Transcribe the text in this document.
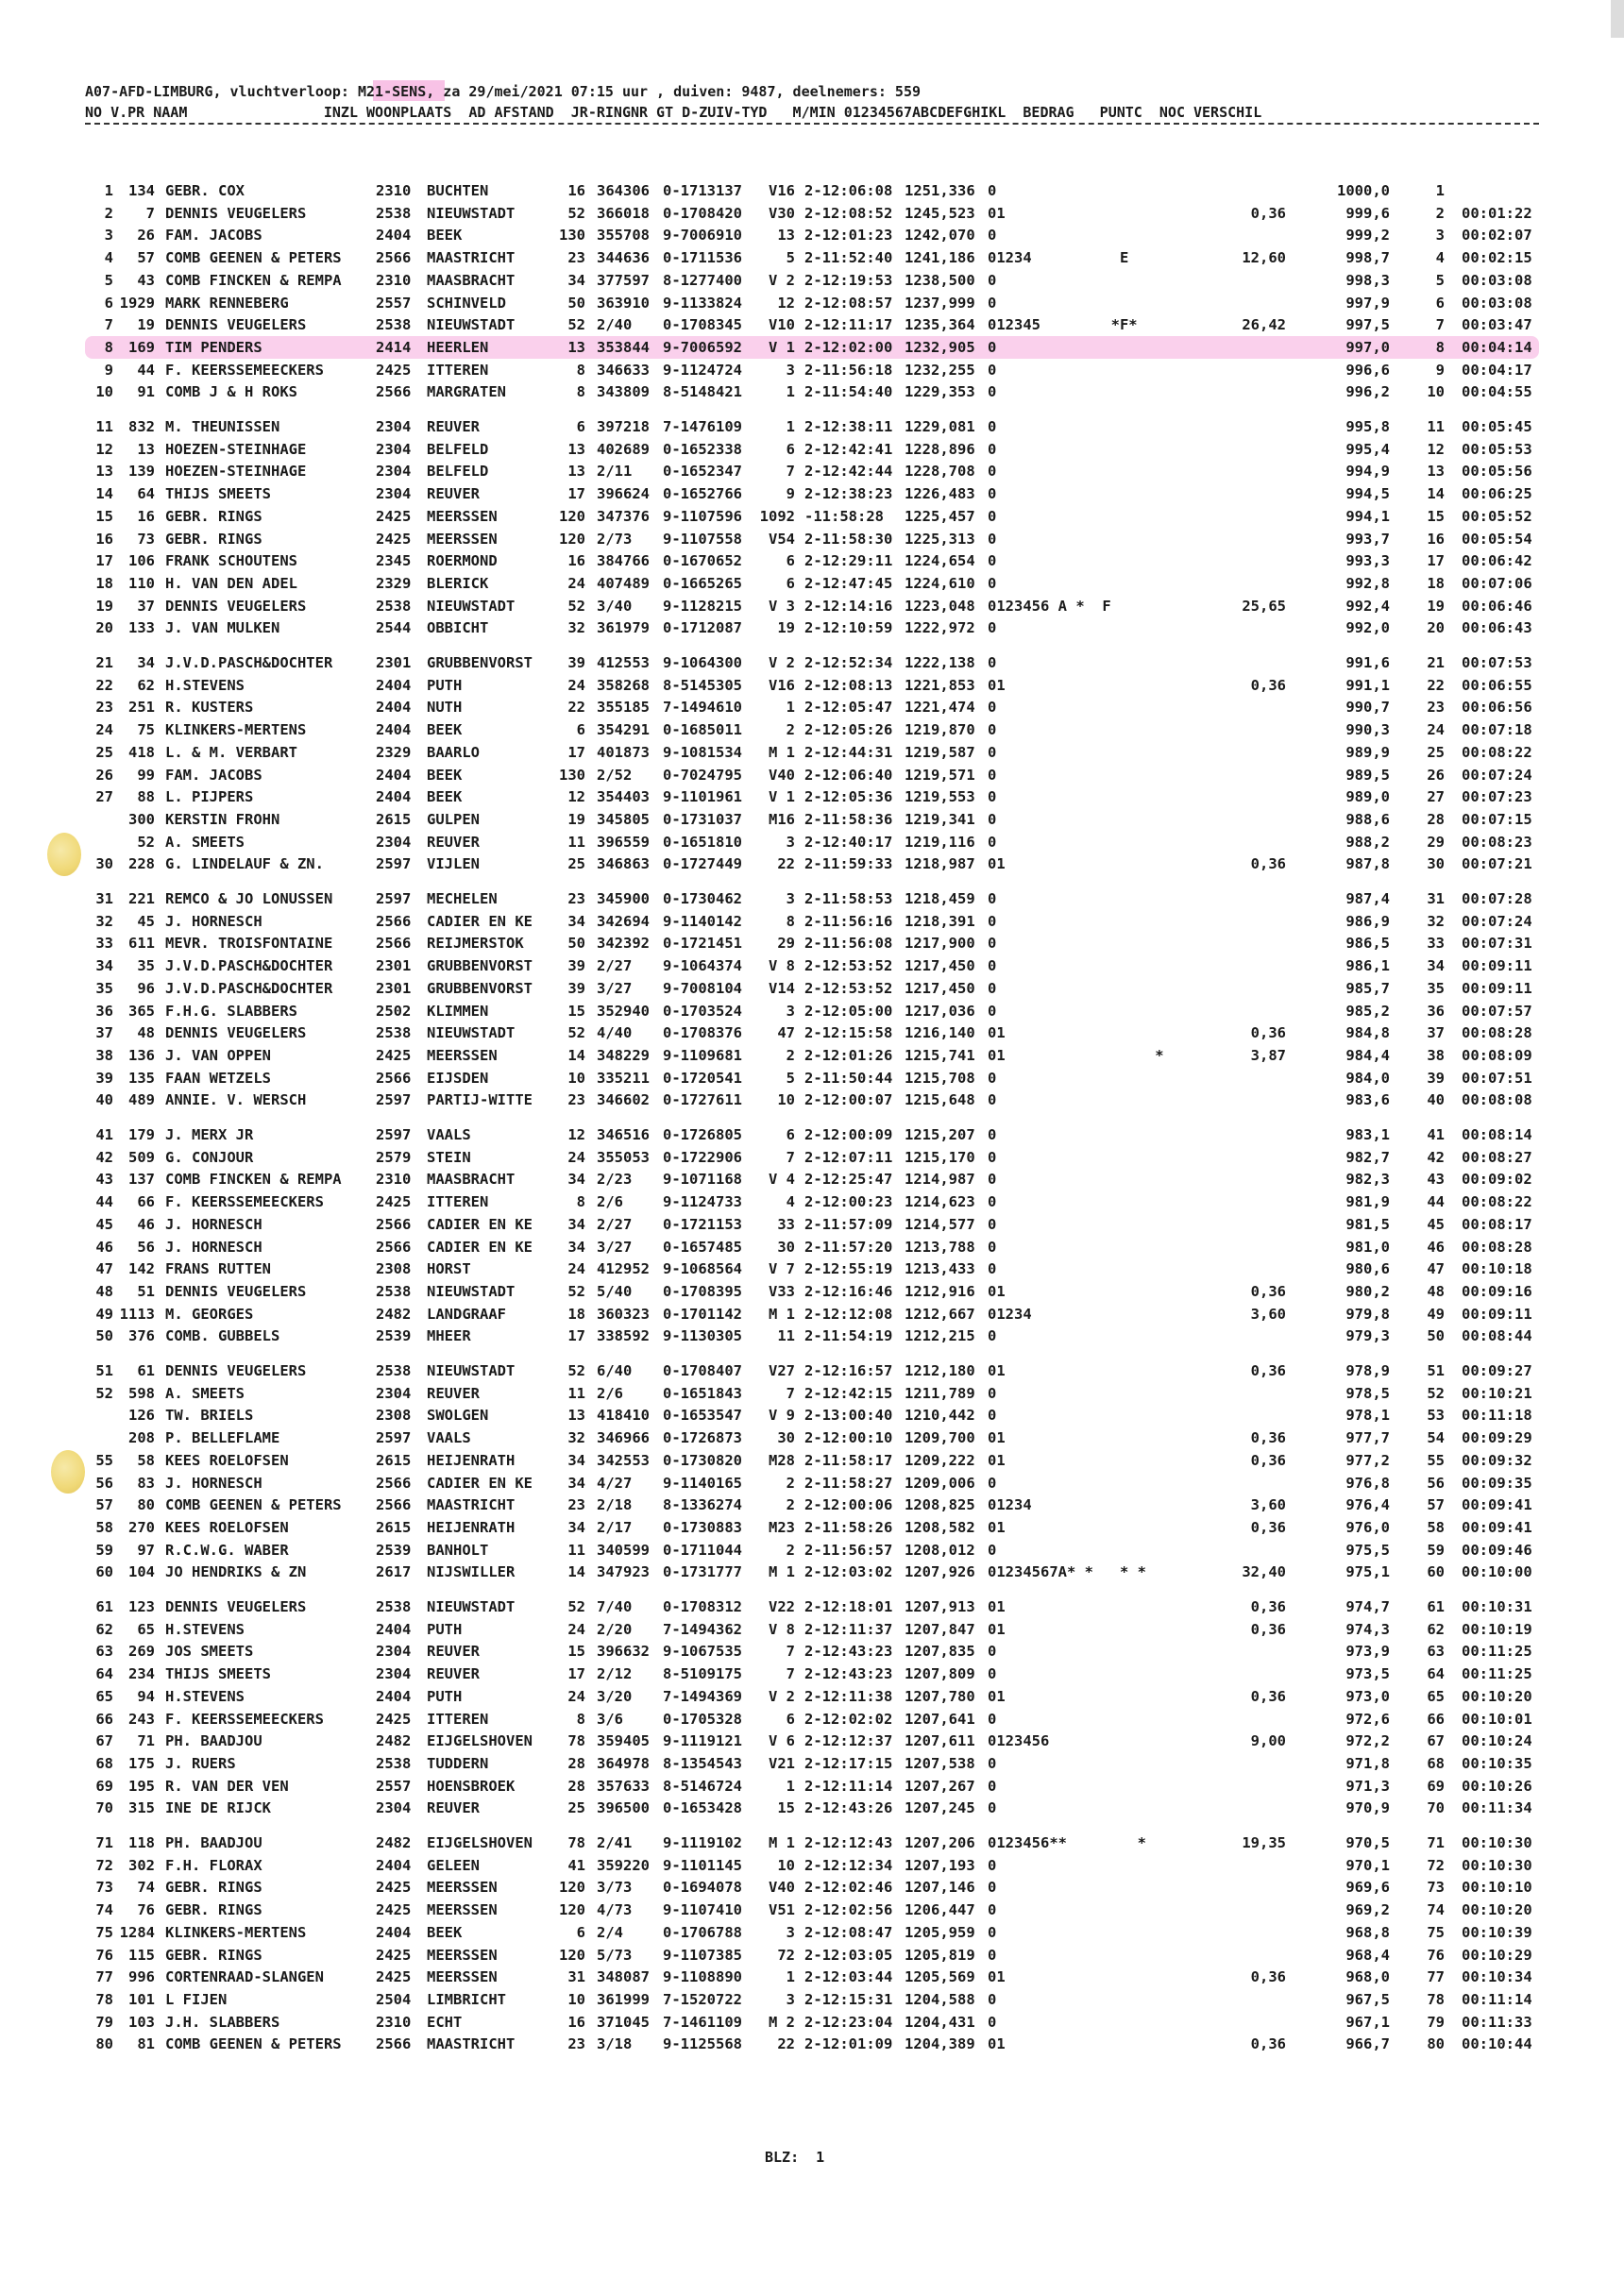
A07-AFD-LIMBURG, vluchtverloop: M21-SENS, za 29/mei/2021 07:15 uur , duiven: 9487, deelnemers: 559
NO V.PR NAAM                INZL WOONPLAATS  AD AFSTAND  JR-RINGNR GT D-ZUIV-TYD   M/MIN 01234567ABCDEFGHIKL  BEDRAG   PUNTC  NOC VERSCHIL
1	134 GEBR. COX	2310 BUCHTEN	16 364306 0-1713137	V16 2-12:06:08 1251,336 0	1000,0	1
2	7 DENNIS VEUGELERS	2538 NIEUWSTADT	52 366018 0-1708420	V30 2-12:08:52 1245,523 01	0,36	999,6	2 00:01:22
3	26 FAM. JACOBS	2404 BEEK	130 355708 9-7006910	13 2-12:01:23 1242,070 0	999,2	3 00:02:07
4	57 COMB GEENEN & PETERS 2566 MAASTRICHT	23 344636 0-1711536	5 2-11:52:40 1241,186 01234          E	12,60	998,7	4 00:02:15
5	43 COMB FINCKEN & REMPA 2310 MAASBRACHT	34 377597 8-1277400	V 2 2-12:19:53 1238,500 0	998,3	5 00:03:08
6 1929 MARK RENNEBERG	2557 SCHINVELD	50 363910 9-1133824	12 2-12:08:57 1237,999 0	997,9	6 00:03:08
7	19 DENNIS VEUGELERS	2538 NIEUWSTADT	52 2/40 0-1708345	V10 2-12:11:17 1235,364 012345        *F*	26,42	997,5	7 00:03:47
8	169 TIM PENDERS	2414 HEERLEN	13 353844 9-7006592	V 1 2-12:02:00 1232,905 0	997,0	8 00:04:14
9	44 F. KEERSSEMEECKERS	2425 ITTEREN	8 346633 9-1124724	3 2-11:56:18 1232,255 0	996,6	9 00:04:17
10	91 COMB J & H ROKS	2566 MARGRATEN	8 343809 8-5148421	1 2-11:54:40 1229,353 0	996,2	10 00:04:55
11	832 M. THEUNISSEN	2304 REUVER	6 397218 7-1476109	1 2-12:38:11 1229,081 0	995,8	11 00:05:45
12	13 HOEZEN-STEINHAGE	2304 BELFELD	13 402689 0-1652338	6 2-12:42:41 1228,896 0	995,4	12 00:05:53
13	139 HOEZEN-STEINHAGE	2304 BELFELD	13 2/11 0-1652347	7 2-12:42:44 1228,708 0	994,9	13 00:05:56
14	64 THIJS SMEETS	2304 REUVER	17 396624 0-1652766	9 2-12:38:23 1226,483 0	994,5	14 00:06:25
15	16 GEBR. RINGS	2425 MEERSSEN	120 347376 9-1107596	1092 -11:58:28 1225,457 0	994,1	15 00:05:52
16	73 GEBR. RINGS	2425 MEERSSEN	120 2/73 9-1107558	V54 2-11:58:30 1225,313 0	993,7	16 00:05:54
17	106 FRANK SCHOUTENS	2345 ROERMOND	16 384766 0-1670652	6 2-12:29:11 1224,654 0	993,3	17 00:06:42
18	110 H. VAN DEN ADEL	2329 BLERICK	24 407489 0-1665265	6 2-12:47:45 1224,610 0	992,8	18 00:07:06
19	37 DENNIS VEUGELERS	2538 NIEUWSTADT	52 3/40 9-1128215	V 3 2-12:14:16 1223,048 0123456 A *  F	25,65	992,4	19 00:06:46
20	133 J. VAN MULKEN	2544 OBBICHT	32 361979 0-1712087	19 2-12:10:59 1222,972 0	992,0	20 00:06:43
21	34 J.V.D.PASCH&DOCHTER	2301 GRUBBENVORST	39 412553 9-1064300	V 2 2-12:52:34 1222,138 0	991,6	21 00:07:53
22	62 H.STEVENS	2404 PUTH	24 358268 8-5145305	V16 2-12:08:13 1221,853 01	0,36	991,1	22 00:06:55
23	251 R. KUSTERS	2404 NUTH	22 355185 7-1494610	1 2-12:05:47 1221,474 0	990,7	23 00:06:56
24	75 KLINKERS-MERTENS	2404 BEEK	6 354291 0-1685011	2 2-12:05:26 1219,870 0	990,3	24 00:07:18
25	418 L. & M. VERBART	2329 BAARLO	17 401873 9-1081534	M 1 2-12:44:31 1219,587 0	989,9	25 00:08:22
26	99 FAM. JACOBS	2404 BEEK	130 2/52 0-7024795	V40 2-12:06:40 1219,571 0	989,5	26 00:07:24
27	88 L. PIJPERS	2404 BEEK	12 354403 9-1101961	V 1 2-12:05:36 1219,553 0	989,0	27 00:07:23
300 KERSTIN FROHN	2615 GULPEN	19 345805 0-1731037	M16 2-11:58:36 1219,341 0	988,6	28 00:07:15
52 A. SMEETS	2304 REUVER	11 396559 0-1651810	3 2-12:40:17 1219,116 0	988,2	29 00:08:23
30	228 G. LINDELAUF & ZN.	2597 VIJLEN	25 346863 0-1727449	22 2-11:59:33 1218,987 01	0,36	987,8	30 00:07:21
31	221 REMCO & JO LONUSSEN	2597 MECHELEN	23 345900 0-1730462	3 2-11:58:53 1218,459 0	987,4	31 00:07:28
32	45 J. HORNESCH	2566 CADIER EN KE	34 342694 9-1140142	8 2-11:56:16 1218,391 0	986,9	32 00:07:24
33	611 MEVR. TROISFONTAINE	2566 REIJMERSTOK	50 342392 0-1721451	29 2-11:56:08 1217,900 0	986,5	33 00:07:31
34	35 J.V.D.PASCH&DOCHTER	2301 GRUBBENVORST	39 2/27 9-1064374	V 8 2-12:53:52 1217,450 0	986,1	34 00:09:11
35	96 J.V.D.PASCH&DOCHTER	2301 GRUBBENVORST	39 3/27 9-7008104	V14 2-12:53:52 1217,450 0	985,7	35 00:09:11
36	365 F.H.G. SLABBERS	2502 KLIMMEN	15 352940 0-1703524	3 2-12:05:00 1217,036 0	985,2	36 00:07:57
37	48 DENNIS VEUGELERS	2538 NIEUWSTADT	52 4/40 0-1708376	47 2-12:15:58 1216,140 01	0,36	984,8	37 00:08:28
38	136 J. VAN OPPEN	2425 MEERSSEN	14 348229 9-1109681	2 2-12:01:26 1215,741 01                 *	3,87	984,4	38 00:08:09
39	135 FAAN WETZELS	2566 EIJSDEN	10 335211 0-1720541	5 2-11:50:44 1215,708 0	984,0	39 00:07:51
40	489 ANNIE. V. WERSCH	2597 PARTIJ-WITTE	23 346602 0-1727611	10 2-12:00:07 1215,648 0	983,6	40 00:08:08
41	179 J. MERX JR	2597 VAALS	12 346516 0-1726805	6 2-12:00:09 1215,207 0	983,1	41 00:08:14
42	509 G. CONJOUR	2579 STEIN	24 355053 0-1722906	7 2-12:07:11 1215,170 0	982,7	42 00:08:27
43	137 COMB FINCKEN & REMPA 2310 MAASBRACHT	34 2/23 9-1071168	V 4 2-12:25:47 1214,987 0	982,3	43 00:09:02
44	66 F. KEERSSEMEECKERS	2425 ITTEREN	8 2/6	9-1124733	4 2-12:00:23 1214,623 0	981,9	44 00:08:22
45	46 J. HORNESCH	2566 CADIER EN KE	34 2/27 0-1721153	33 2-11:57:09 1214,577 0	981,5	45 00:08:17
46	56 J. HORNESCH	2566 CADIER EN KE	34 3/27 0-1657485	30 2-11:57:20 1213,788 0	981,0	46 00:08:28
47	142 FRANS RUTTEN	2308 HORST	24 412952 9-1068564	V 7 2-12:55:19 1213,433 0	980,6	47 00:10:18
48	51 DENNIS VEUGELERS	2538 NIEUWSTADT	52 5/40 0-1708395	V33 2-12:16:46 1212,916 01	0,36	980,2	48 00:09:16
49 1113 M. GEORGES	2482 LANDGRAAF	18 360323 0-1701142	M 1 2-12:12:08 1212,667 01234	3,60	979,8	49 00:09:11
50	376 COMB. GUBBELS	2539 MHEER	17 338592 9-1130305	11 2-11:54:19 1212,215 0	979,3	50 00:08:44
51	61 DENNIS VEUGELERS	2538 NIEUWSTADT	52 6/40 0-1708407	V27 2-12:16:57 1212,180 01	0,36	978,9	51 00:09:27
52	598 A. SMEETS	2304 REUVER	11 2/6	0-1651843	7 2-12:42:15 1211,789 0	978,5	52 00:10:21
126 TW. BRIELS	2308 SWOLGEN	13 418410 0-1653547	V 9 2-13:00:40 1210,442 0	978,1	53 00:11:18
208 P. BELLEFLAME	2597 VAALS	32 346966 0-1726873	30 2-12:00:10 1209,700 01	0,36	977,7	54 00:09:29
55	58 KEES ROELOFSEN	2615 HEIJENRATH	34 342553 0-1730820	M28 2-11:58:17 1209,222 01	0,36	977,2	55 00:09:32
56	83 J. HORNESCH	2566 CADIER EN KE	34 4/27 9-1140165	2 2-11:58:27 1209,006 0	976,8	56 00:09:35
57	80 COMB GEENEN & PETERS 2566 MAASTRICHT	23 2/18 8-1336274	2 2-12:00:06 1208,825 01234	3,60	976,4	57 00:09:41
58	270 KEES ROELOFSEN	2615 HEIJENRATH	34 2/17 0-1730883	M23 2-11:58:26 1208,582 01	0,36	976,0	58 00:09:41
59	97 R.C.W.G. WABER	2539 BANHOLT	11 340599 0-1711044	2 2-11:56:57 1208,012 0	975,5	59 00:09:46
60	104 JO HENDRIKS & ZN	2617 NIJSWILLER	14 347923 0-1731777	M 1 2-12:03:02 1207,926 01234567A* *   * *	32,40	975,1	60 00:10:00
61	123 DENNIS VEUGELERS	2538 NIEUWSTADT	52 7/40 0-1708312	V22 2-12:18:01 1207,913 01	0,36	974,7	61 00:10:31
62	65 H.STEVENS	2404 PUTH	24 2/20 7-1494362	V 8 2-12:11:37 1207,847 01	0,36	974,3	62 00:10:19
63	269 JOS SMEETS	2304 REUVER	15 396632 9-1067535	7 2-12:43:23 1207,835 0	973,9	63 00:11:25
64	234 THIJS SMEETS	2304 REUVER	17 2/12 8-5109175	7 2-12:43:23 1207,809 0	973,5	64 00:11:25
65	94 H.STEVENS	2404 PUTH	24 3/20 7-1494369	V 2 2-12:11:38 1207,780 01	0,36	973,0	65 00:10:20
66	243 F. KEERSSEMEECKERS	2425 ITTEREN	8 3/6	0-1705328	6 2-12:02:02 1207,641 0	972,6	66 00:10:01
67	71 PH. BAADJOU	2482 EIJGELSHOVEN	78 359405 9-1119121	V 6 2-12:12:37 1207,611 0123456	9,00	972,2	67 00:10:24
68	175 J. RUERS	2538 TUDDERN	28 364978 8-1354543	V21 2-12:17:15 1207,538 0	971,8	68 00:10:35
69	195 R. VAN DER VEN	2557 HOENSBROEK	28 357633 8-5146724	1 2-12:11:14 1207,267 0	971,3	69 00:10:26
70	315 INE DE RIJCK	2304 REUVER	25 396500 0-1653428	15 2-12:43:26 1207,245 0	970,9	70 00:11:34
71	118 PH. BAADJOU	2482 EIJGELSHOVEN	78 2/41 9-1119102	M 1 2-12:12:43 1207,206 0123456**        *	19,35	970,5	71 00:10:30
72	302 F.H. FLORAX	2404 GELEEN	41 359220 9-1101145	10 2-12:12:34 1207,193 0	970,1	72 00:10:30
73	74 GEBR. RINGS	2425 MEERSSEN	120 3/73 0-1694078	V40 2-12:02:46 1207,146 0	969,6	73 00:10:10
74	76 GEBR. RINGS	2425 MEERSSEN	120 4/73 9-1107410	V51 2-12:02:56 1206,447 0	969,2	74 00:10:20
75 1284 KLINKERS-MERTENS	2404 BEEK	6 2/4	0-1706788	3 2-12:08:47 1205,959 0	968,8	75 00:10:39
76	115 GEBR. RINGS	2425 MEERSSEN	120 5/73 9-1107385	72 2-12:03:05 1205,819 0	968,4	76 00:10:29
77	996 CORTENRAAD-SLANGEN	2425 MEERSSEN	31 348087 9-1108890	1 2-12:03:44 1205,569 01	0,36	968,0	77 00:10:34
78	101 L FIJEN	2504 LIMBRICHT	10 361999 7-1520722	3 2-12:15:31 1204,588 0	967,5	78 00:11:14
79	103 J.H. SLABBERS	2310 ECHT	16 371045 7-1461109	M 2 2-12:23:04 1204,431 0	967,1	79 00:11:33
80	81 COMB GEENEN & PETERS 2566 MAASTRICHT	23 3/18 9-1125568	22 2-12:01:09 1204,389 01	0,36	966,7	80 00:10:44
BLZ:  1
